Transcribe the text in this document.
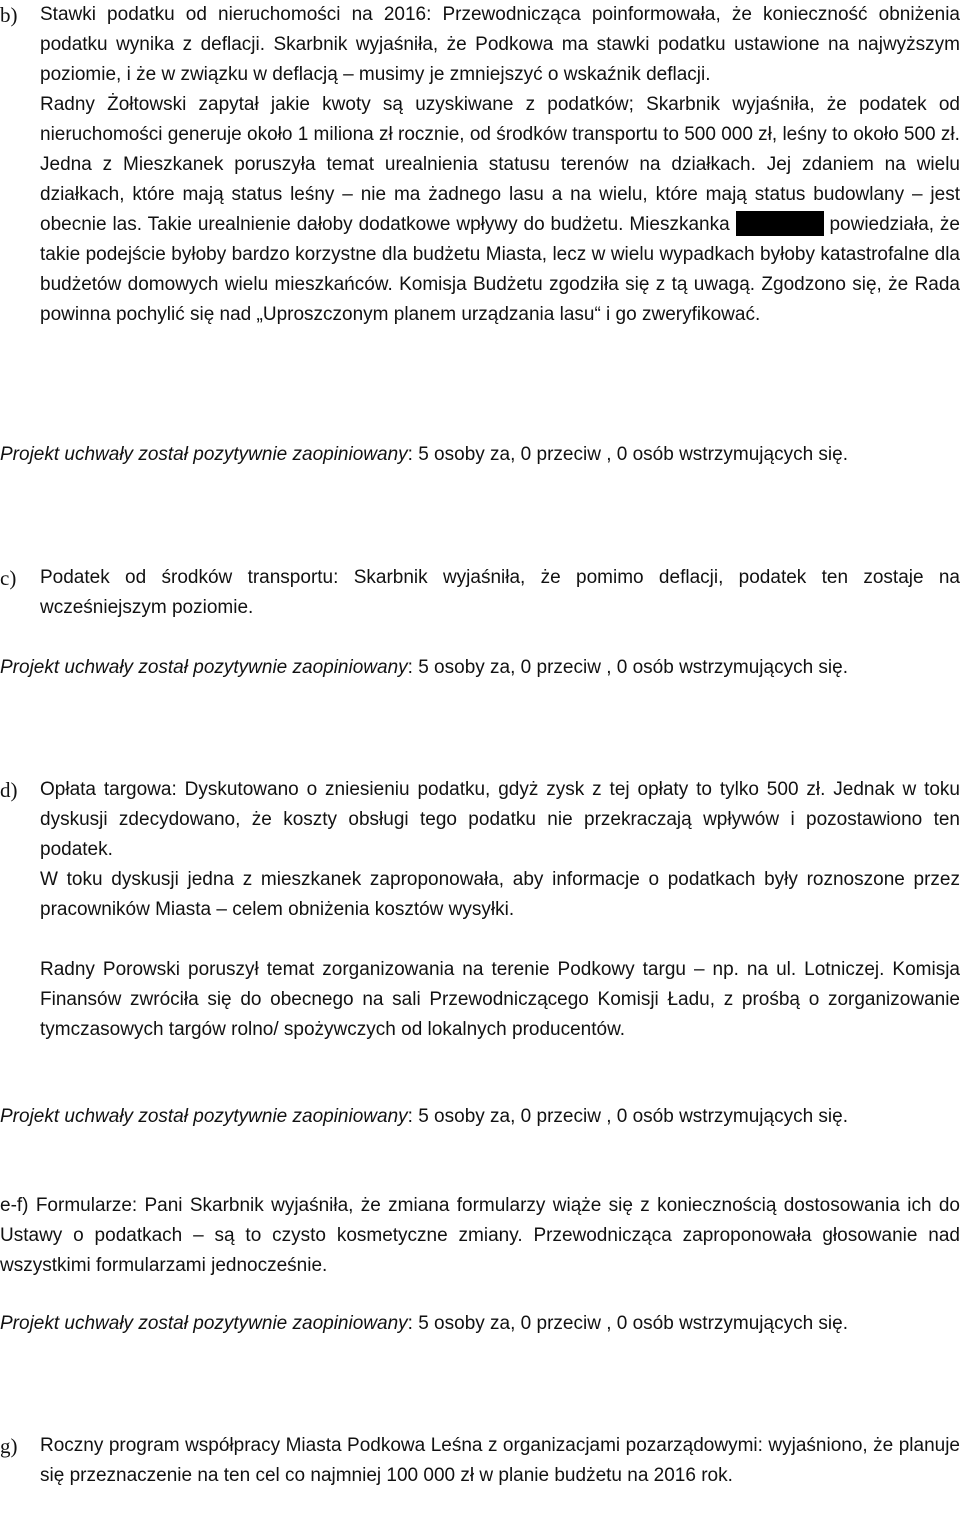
b) Stawki podatku od nieruchomości na 2016: Przewodnicząca poinformowała, że konieczność obniżenia podatku wynika z deflacji. Skarbnik wyjaśniła, że Podkowa ma stawki podatku ustawione na najwyższym poziomie, i że w związku w deflacją – musimy je zmniejszyć o wskaźnik deflacji.

Radny Żołtowski zapytał jakie kwoty są uzyskiwane z podatków; Skarbnik wyjaśniła, że podatek od nieruchomości generuje około 1 miliona zł rocznie, od środków transportu to 500 000 zł, leśny to około 500 zł.

Jedna z Mieszkanek poruszyła temat urealnienia statusu terenów na działkach. Jej zdaniem na wielu działkach, które mają status leśny – nie ma żadnego lasu a na wielu, które mają status budowlany – jest obecnie las. Takie urealnienie dałoby dodatkowe wpływy do budżetu. Mieszkanka	powiedziała, że takie podejście byłoby bardzo korzystne dla budżetu Miasta, lecz w wielu wypadkach byłoby katastrofalne dla budżetów domowych wielu mieszkańców. Komisja Budżetu zgodziła się z tą uwagą. Zgodzono się, że Rada powinna pochylić się nad „Uproszczonym planem urządzania lasu“ i go zweryfikować.

Projekt uchwały został pozytywnie zaopiniowany: 5 osoby za, 0 przeciw , 0 osób wstrzymujących się.

c) Podatek od środków transportu: Skarbnik wyjaśniła, że pomimo deflacji, podatek ten zostaje na wcześniejszym poziomie.

Projekt uchwały został pozytywnie zaopiniowany: 5 osoby za, 0 przeciw , 0 osób wstrzymujących się.

d) Opłata targowa: Dyskutowano o zniesieniu podatku, gdyż zysk z tej opłaty to tylko 500 zł. Jednak w toku dyskusji zdecydowano, że koszty obsługi tego podatku nie przekraczają wpływów i pozostawiono ten podatek.

W toku dyskusji jedna z mieszkanek zaproponowała, aby informacje o podatkach były roznoszone przez pracowników Miasta – celem obniżenia kosztów wysyłki.

Radny Porowski poruszył temat zorganizowania na terenie Podkowy targu – np. na ul. Lotniczej. Komisja Finansów zwróciła się do obecnego na sali Przewodniczącego Komisji Ładu, z prośbą o zorganizowanie tymczasowych targów rolno/ spożywczych od lokalnych producentów.

Projekt uchwały został pozytywnie zaopiniowany: 5 osoby za, 0 przeciw , 0 osób wstrzymujących się.

e-f) Formularze: Pani Skarbnik wyjaśniła, że zmiana formularzy wiąże się z koniecznością dostosowania ich do Ustawy o podatkach – są to czysto kosmetyczne zmiany. Przewodnicząca zaproponowała głosowanie nad wszystkimi formularzami jednocześnie.

Projekt uchwały został pozytywnie zaopiniowany: 5 osoby za, 0 przeciw , 0 osób wstrzymujących się.

g) Roczny program współpracy Miasta Podkowa Leśna z organizacjami pozarządowymi: wyjaśniono, że planuje się przeznaczenie na ten cel co najmniej 100 000 zł w planie budżetu na 2016 rok.
